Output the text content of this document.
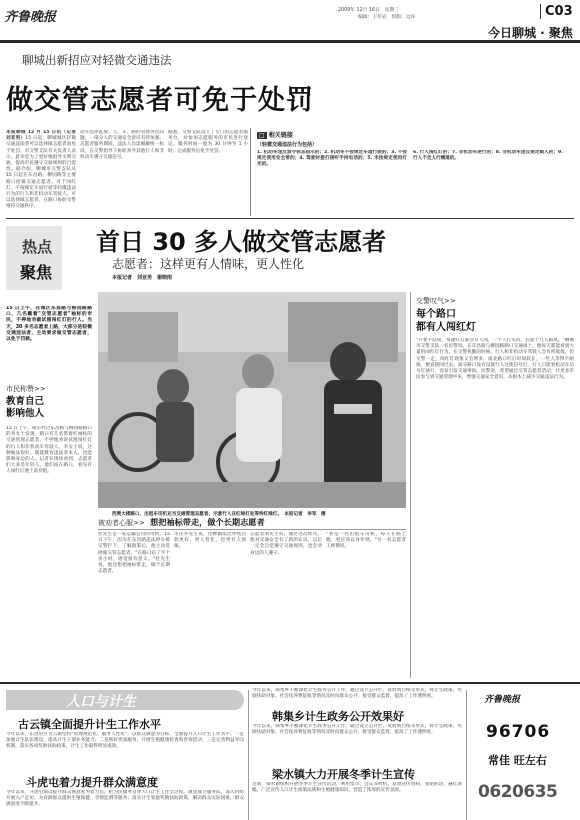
齐鲁晚报	2009年 12月 16日　星期三
编辑：王传岩　组版：边环	C03
今日聊城 · 聚焦
聊城出新招应对轻微交通违法
做交管志愿者可免于处罚
本报聊城 12 月 15 日讯（记者 刘亚男）15 日起，聊城城区轻微交通违法者可以选择做志愿者而免于处罚。市交警支队有关负责人表示，此举是为了更好地倡导文明交通，提高市民遵守交通规则的自觉性。据介绍，聊城市交警支队从 15 日起在东昌路、柳园路等主要路口招募交通志愿者。对于闯红灯、不按规定车道行驶等轻微违法行为的行人和非机动车驾驶人，可以选择做志愿者，在路口协助交警维持交通秩序。
动车乱停乱放、人、车、路的管理突出问题，一部分人的交通安全意识有待加强。志愿者服务期间，违法人员需佩戴统一标识，在交警指导下协助劝导其他行人和非机动车遵守交通信号。
据悉，交警支队设立了专门的志愿者服务台，对参加志愿服务的市民进行登记。服务时间一般为 30 分钟至 1 小时，完成服务后免予处罚。
□ 相关链接
（轻微交通违法行为包括）
1. 机动车违反禁令标志指示的；2. 机动车不按规定车道行驶的；3. 不按规定使用安全带的；4. 驾驶时拨打接听手持电话的；5. 未按规定使用灯光的。
6. 行人闯红灯的；7. 非机动车逆行的；8. 非机动车违反规定载人的；9. 行人不走人行横道的。
热点
聚焦
首日 30 多人做交管志愿者
志愿者：这样更有人情味，更人性化
本报记者　刘亚男　谢晓雨
15 日上午，在城区东昌路与柳园路路口，几名戴着"交管志愿者"袖标的市民，不停地劝截试图闯红灯的行人。当天，30 多名志愿者上路，大部分是轻微交通违法者，主动要求做交管志愿者，以免于罚款。
西奥大楼路口，出租车司机充当交通管理志愿者，示意行人在红绿灯处等待红绿灯。　本报记者　李军　摄
市民称赞>>
教育自己
影响他人
15 日上午，骑车经过东昌路与柳园路路口的李女士发现，路口有几名带着红袖标的交通管理志愿者，不停地劝说试图闯红灯的行人和非机动车驾驶人。李女士说，这种做法很好，既能教育违法者本人，也能影响身边的人。记者在现场看到，志愿者们大多是年轻人，他们站在路口，看见有人闯红灯便上前劝阻。
被劝者心服>> 想把袖标带走，做个长期志愿者
杜先生是一家运输公司的司机，15 日下午，因为在东昌路违法停车被交警拦下。了解政策后，他主动选择做交管志愿者。"在路口站了半个多小时，感觉很有意义。"杜先生说，他还想把袖标带走，做个长期志愿者。
市民李先生说，这种做法比单纯罚款更好，更人性化，也更有人情味。
志愿者刘先生说，通过这次经历，他对交通安全有了新的认识，以后一定会自觉遵守交通规则，也会劝身边的人遵守。
"我是一名出租车司机，每天在路上跑，更应该以身作则。"另一名志愿者王师傅说。
交警叹气>>
每个路口
都有人闯红灯
"只要不站岗，每逢红灯都会有人闯，一个人打头阵，后面十几人跟风。"聊城市交警支队一名民警说，在东昌路与柳园路路口交通岗上，他每天都能看到大量的闯红灯行为。在交警执勤的时候，行人和非机动车驾驶人会有所收敛，但交警一走，闯红灯现象又会增多。南北路口红灯时间较长，一些人等得不耐烦，便直接闯过去。部分路口没有设置行人过街信号灯，行人只能看机动车信号灯通行，容易引发交通事故。民警说，希望通过交管志愿者活动，让更多市民参与到交通管理中来，增强交通安全意识，从根本上减少交通违法行为。
人口与计生
古云镇全面提升计生工作水平
今年以来，东昌府区古云镇坚持"管理规范化、服务人性化"，以群众满意为目标，全面提升人口计生工作水平。一是加强计生队伍建设，提高计生干部业务能力；二是抓好优质服务，开展生殖健康检查和咨询活动；三是完善利益导向机制，落实各项奖励扶助政策，计生工作取得明显成效。
斗虎屯着力提升群众满意度
今年以来，斗虎屯镇以提升群众满意度为着力点，把为民服务贯穿人口计生工作全过程。镇里成立服务队，深入村组开展入户走访，为育龄群众提供生殖保健、孕情监测等服务；落实计生家庭奖励扶助政策，解决群众实际困难，群众满意度不断提升。
今年以来，韩集乡不断深化计生政务公开工作，通过设立公开栏、发放明白纸等形式，将计生政策、奖励扶助对象、社会抚养费征收等情况及时向群众公开，接受群众监督，提高了工作透明度。
韩集乡计生政务公开效果好
今年以来，韩集乡不断深化计生政务公开工作，通过设立公开栏、发放明白纸等形式，将计生政策、奖励扶助对象、社会抚养费征收等情况及时向群众公开，接受群众监督，提高了工作透明度。
梁水镇大力开展冬季计生宣传
近期，梁水镇组织开展冬季计生宣传活动，利用集市、会议等时机，发放宣传资料、张贴标语、悬挂条幅，广泛宣传人口计生政策法规和生殖健康知识，营造了浓厚的宣传氛围。
齐鲁晚报
96706
常佳 旺左右
0620635
